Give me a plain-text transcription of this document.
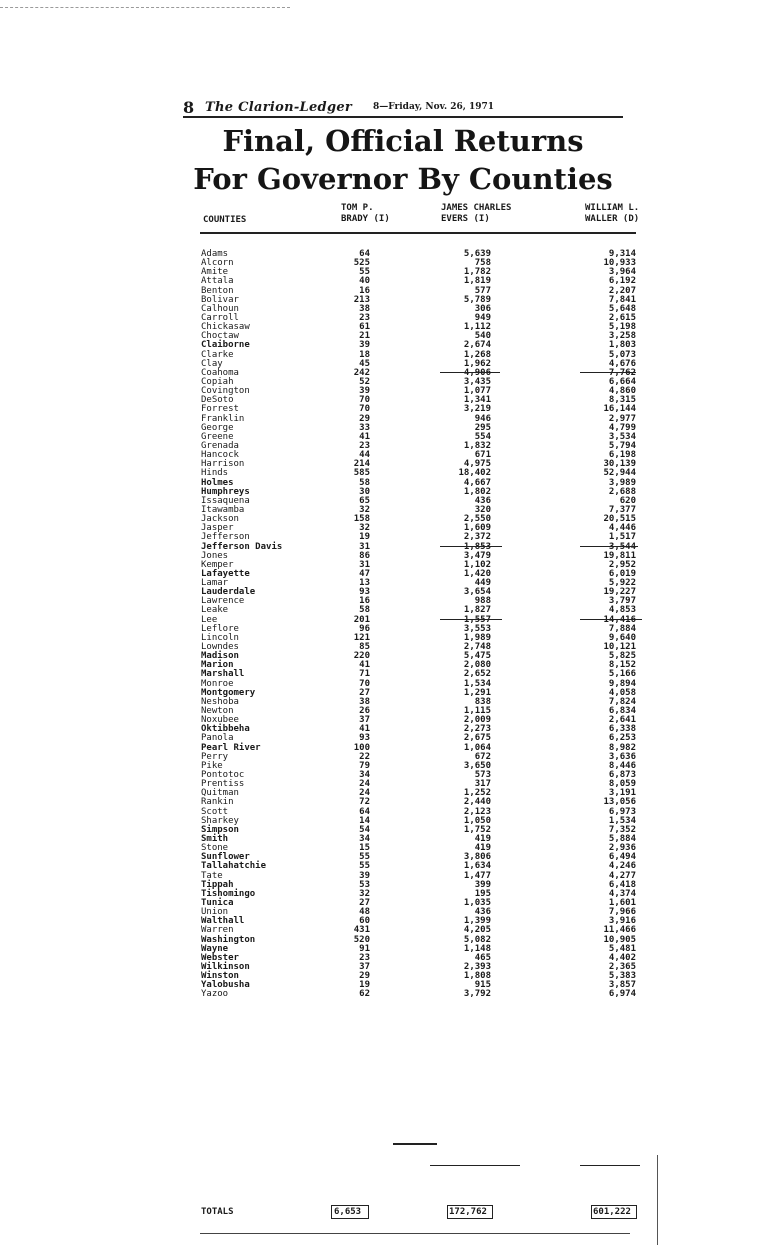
8 The Clarion-Ledger 8—Friday, Nov. 26, 1971
Final, Official Returns
For Governor By Counties
COUNTIES
TOM P.
BRADY (I)
JAMES CHARLES
EVERS (I)
WILLIAM L.
WALLER (D)
Adams	64	5,639	9,314
Alcorn	525	758	10,933
Amite	55	1,782	3,964
Attala	40	1,819	6,192
Benton	16	577	2,207
Bolivar	213	5,789	7,841
Calhoun	38	306	5,648
Carroll	23	949	2,615
Chickasaw	61	1,112	5,198
Choctaw	21	540	3,258
Claiborne	39	2,674	1,803
Clarke	18	1,268	5,073
Clay	45	1,962	4,676
Coahoma	242	4,906	7,762
Copiah	52	3,435	6,664
Covington	39	1,077	4,860
DeSoto	70	1,341	8,315
Forrest	70	3,219	16,144
Franklin	29	946	2,977
George	33	295	4,799
Greene	41	554	3,534
Grenada	23	1,832	5,794
Hancock	44	671	6,198
Harrison	214	4,975	30,139
Hinds	585	18,402	52,944
Holmes	58	4,667	3,989
Humphreys	30	1,802	2,688
Issaquena	65	436	620
Itawamba	32	320	7,377
Jackson	158	2,550	20,515
Jasper	32	1,609	4,446
Jefferson	19	2,372	1,517
Jefferson Davis	31	1,853	3,544
Jones	86	3,479	19,811
Kemper	31	1,102	2,952
Lafayette	47	1,420	6,019
Lamar	13	449	5,922
Lauderdale	93	3,654	19,227
Lawrence	16	988	3,797
Leake	58	1,827	4,853
Lee	201	1,557	14,416
Leflore	96	3,553	7,884
Lincoln	121	1,989	9,640
Lowndes	85	2,748	10,121
Madison	220	5,475	5,825
Marion	41	2,080	8,152
Marshall	71	2,652	5,166
Monroe	70	1,534	9,894
Montgomery	27	1,291	4,058
Neshoba	38	838	7,824
Newton	26	1,115	6,834
Noxubee	37	2,009	2,641
Oktibbeha	41	2,273	6,338
Panola	93	2,675	6,253
Pearl River	100	1,064	8,982
Perry	22	672	3,636
Pike	79	3,650	8,446
Pontotoc	34	573	6,873
Prentiss	24	317	8,059
Quitman	24	1,252	3,191
Rankin	72	2,440	13,056
Scott	64	2,123	6,973
Sharkey	14	1,050	1,534
Simpson	54	1,752	7,352
Smith	34	419	5,884
Stone	15	419	2,936
Sunflower	55	3,806	6,494
Tallahatchie	55	1,634	4,246
Tate	39	1,477	4,277
Tippah	53	399	6,418
Tishomingo	32	195	4,374
Tunica	27	1,035	1,601
Union	48	436	7,966
Walthall	60	1,399	3,916
Warren	431	4,205	11,466
Washington	520	5,082	10,905
Wayne	91	1,148	5,481
Webster	23	465	4,402
Wilkinson	37	2,393	2,365
Winston	29	1,808	5,383
Yalobusha	19	915	3,857
Yazoo	62	3,792	6,974
TOTALS	6,653	172,762	601,222
